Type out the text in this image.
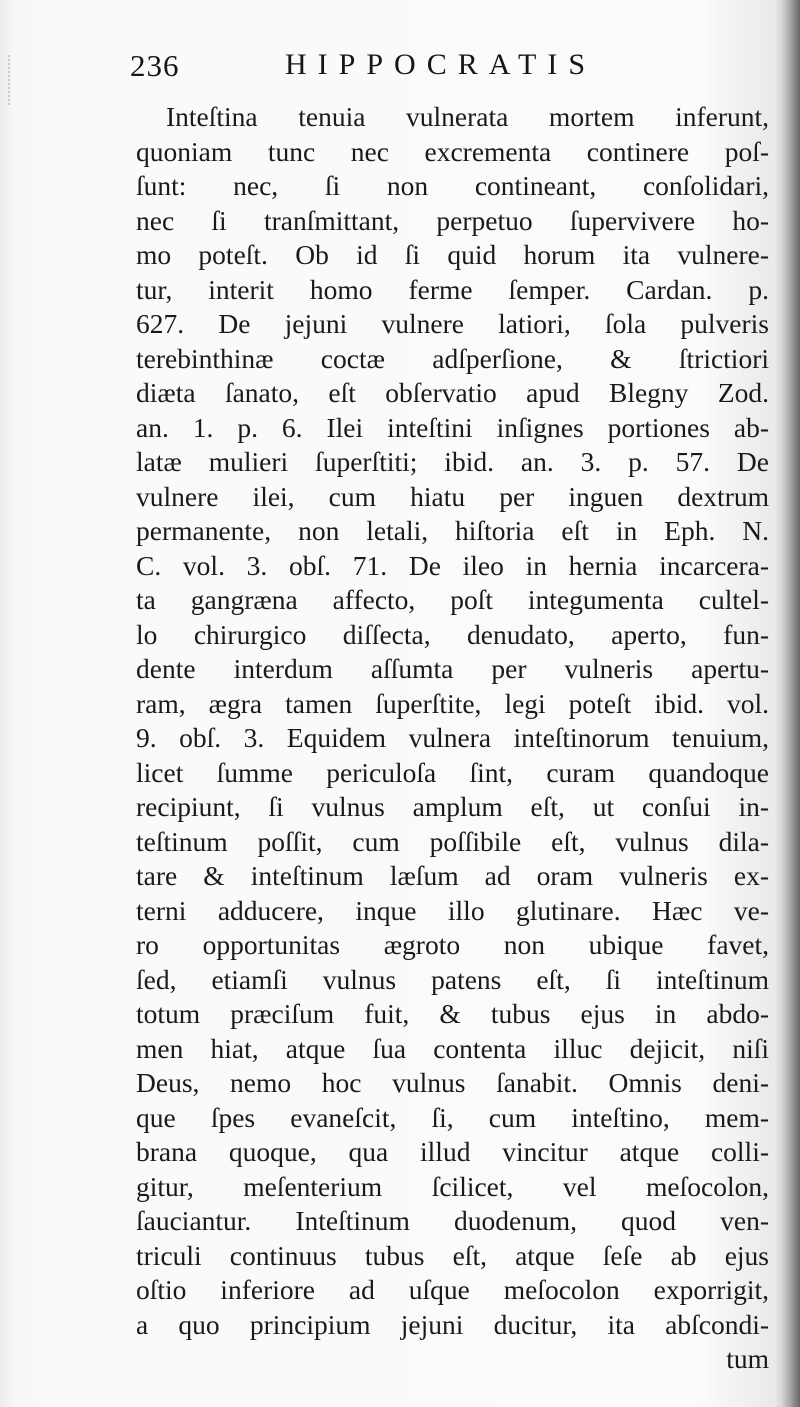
236	HIPPOCRATIS
Inteſtina tenuia vulnerata mortem inferunt,
quoniam tunc nec excrementa continere poſ-
ſunt: nec, ſi non contineant, conſolidari,
nec ſi tranſmittant, perpetuo ſupervivere ho-
mo poteſt. Ob id ſi quid horum ita vulnere-
tur, interit homo ferme ſemper. Cardan. p.
627. De jejuni vulnere latiori, ſola pulveris
terebinthinæ coctæ adſperſione, & ſtrictiori
diæta ſanato, eſt obſervatio apud Blegny Zod.
an. 1. p. 6. Ilei inteſtini inſignes portiones ab-
latæ mulieri ſuperſtiti; ibid. an. 3. p. 57. De
vulnere ilei, cum hiatu per inguen dextrum
permanente, non letali, hiſtoria eſt in Eph. N.
C. vol. 3. obſ. 71. De ileo in hernia incarcera-
ta gangræna affecto, poſt integumenta cultel-
lo chirurgico diſſecta, denudato, aperto, fun-
dente interdum aſſumta per vulneris apertu-
ram, ægra tamen ſuperſtite, legi poteſt ibid. vol.
9. obſ. 3. Equidem vulnera inteſtinorum tenuium,
licet ſumme periculoſa ſint, curam quandoque
recipiunt, ſi vulnus amplum eſt, ut conſui in-
teſtinum poſſit, cum poſſibile eſt, vulnus dila-
tare & inteſtinum læſum ad oram vulneris ex-
terni adducere, inque illo glutinare. Hæc ve-
ro opportunitas ægroto non ubique favet,
ſed, etiamſi vulnus patens eſt, ſi inteſtinum
totum præciſum fuit, & tubus ejus in abdo-
men hiat, atque ſua contenta illuc dejicit, niſi
Deus, nemo hoc vulnus ſanabit. Omnis deni-
que ſpes evaneſcit, ſi, cum inteſtino, mem-
brana quoque, qua illud vincitur atque colli-
gitur, meſenterium ſcilicet, vel meſocolon,
ſauciantur. Inteſtinum duodenum, quod ven-
triculi continuus tubus eſt, atque ſeſe ab ejus
oſtio inferiore ad uſque meſocolon exporrigit,
a quo principium jejuni ducitur, ita abſcondi-
tum
